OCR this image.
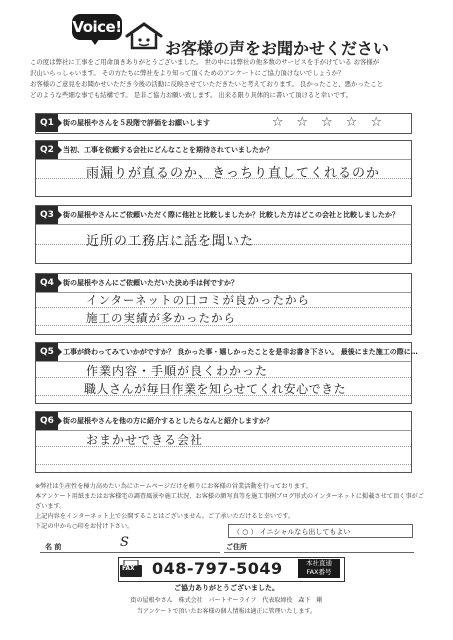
Voice!
お客様の声をお聞かせください
この度は弊社に工事をご用命頂きありがとうございました。 世の中には弊社の他多数のサービスを手がけている お客様が
沢山いらっしゃいます。 その方たちに弊社をより知って頂くためのアンケートにご協力頂けないでしょうか？
お客様のご意見をお聞かせいただき今後の活動に反映させていただきたいと考えております。 良かったこと、悪かったこと
どのような些細な事でも結構です。 是非ご協力お願い致します。 出来る限り具体的に書いて頂けると幸いです。
Q1	街の屋根やさんを５段階で評価をお願いします	☆☆☆☆☆
Q2	当初、工事を依頼する会社にどんなことを期待されていましたか？
雨漏りが直るのか、きっちり直してくれるのか
Q3	街の屋根やさんにご依頼いただく際に他社と比較しましたか？比較した方はどこの会社と比較しましたか？
近所の工務店に話を聞いた
Q4	街の屋根やさんにご依頼いただいた決め手は何ですか？
インターネットの口コミが良かったから
施工の実績が多かったから
Q5	工事が終わってみていかがですか？ 良かった事・嬉しかったことを是非お書き下さい。 最後にまた施工の際に…
作業内容・手順が良くわかった
職人さんが毎日作業を知らせてくれ安心できた
Q6	街の屋根やさんを他の方に紹介するとしたらなんと紹介しますか？
おまかせできる会社
※弊社は生産性を極力高めたい為にホームページだけを頼りにお客様の営業活動を行っております。
本アンケート用紙またはお客様宅の調査風景や施工状況、お客様の顔写真等を施工事例ブログ形式のインターネットに掲載させて頂く事がございます。
上記内容をインターネット上で公開することはございません。ご了承いただけると幸いです。
下記の中から○印をお付け下さい。
（ ○ ） イニシャルなら出してもよい
名 前	S	ご住所
FAX 048-797-5049	本社直通
FAX番号
ご協力ありがとうございました。
街の屋根やさん　株式会社　パートナーライフ　代表取締役　森下　剛
当アンケートで頂いたお客様の個人情報は適正に管理いたします。
